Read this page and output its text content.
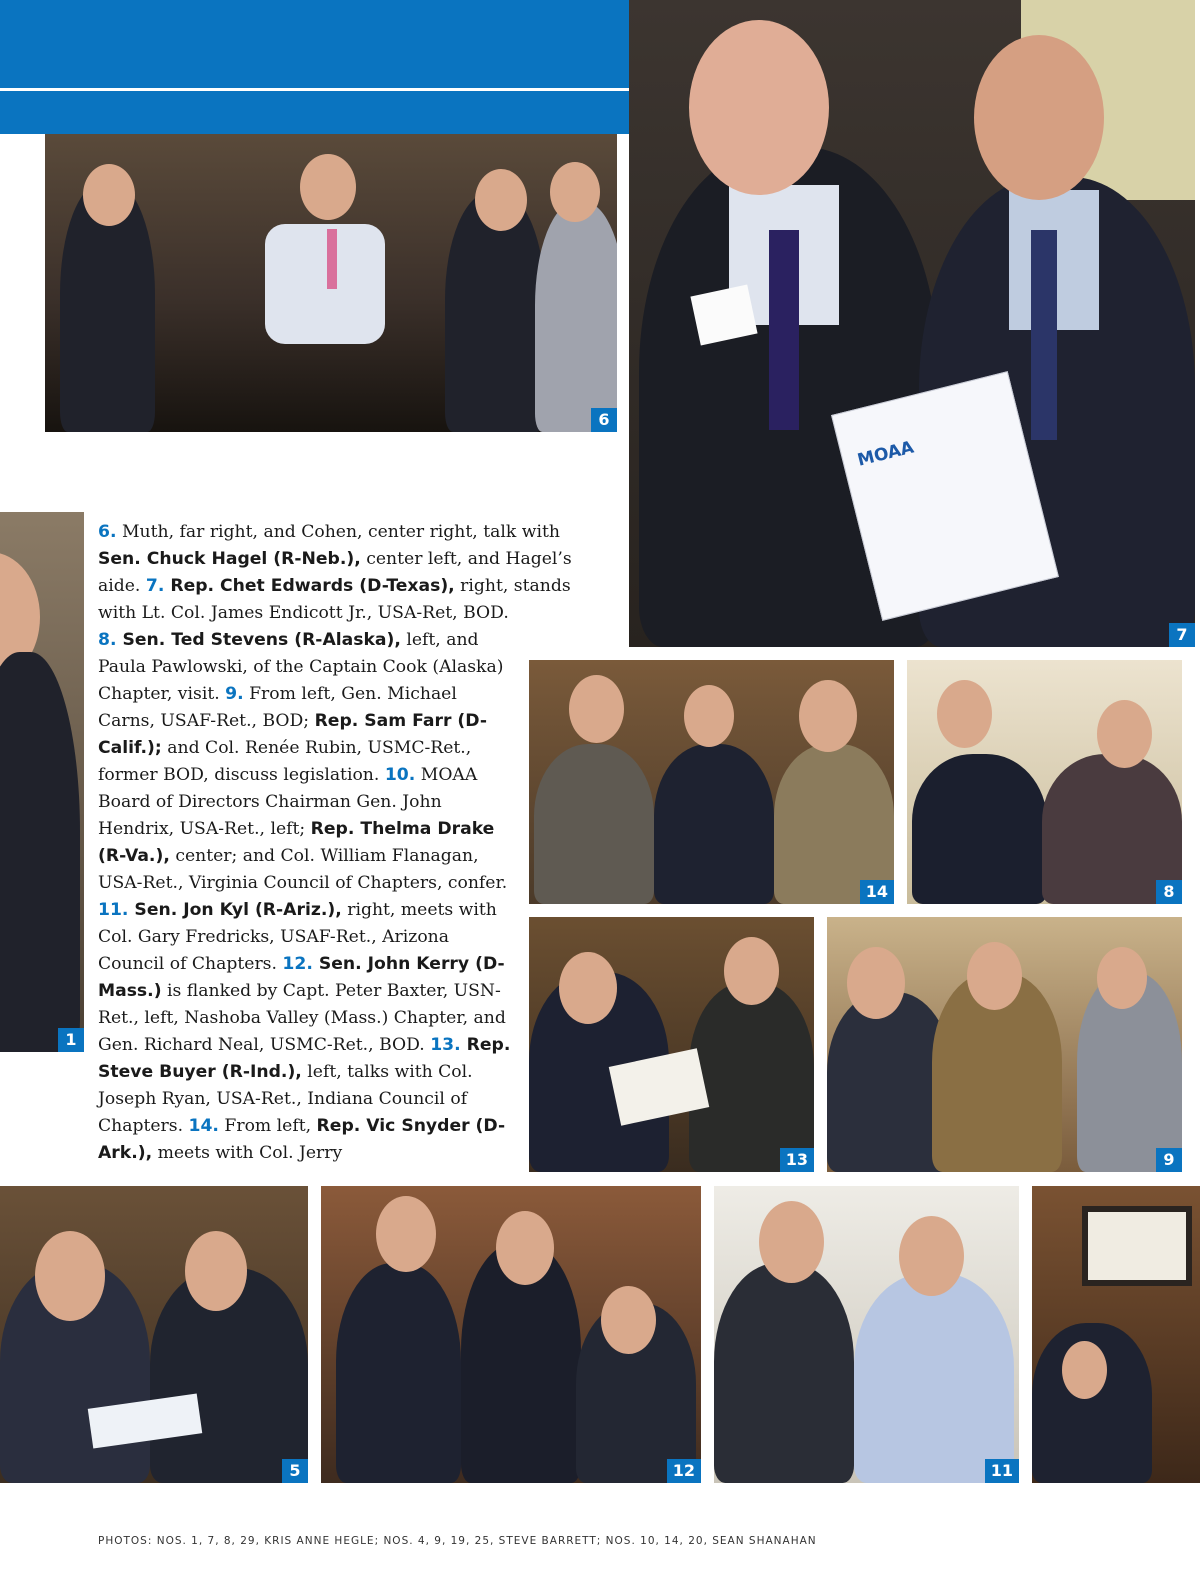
6
MOAA
7
1
6. Muth, far right, and Cohen, center right, talk with Sen. Chuck Hagel (R-Neb.), center left, and Hagel’s aide. 7. Rep. Chet Edwards (D-Texas), right, stands with Lt. Col. James Endicott Jr., USA-Ret, BOD.
8. Sen. Ted Stevens (R-Alaska), left, and Paula Pawlowski, of the Captain Cook (Alaska) Chapter, visit. 9. From left, Gen. Michael Carns, USAF-Ret., BOD; Rep. Sam Farr (D-Calif.); and Col. Renée Rubin, USMC-Ret., former BOD, discuss legislation. 10. MOAA Board of Directors Chairman Gen. John Hendrix, USA-Ret., left; Rep. Thelma Drake (R-Va.), center; and Col. William Flanagan, USA-Ret., Virginia Council of Chapters, confer. 11. Sen. Jon Kyl (R-Ariz.), right, meets with Col. Gary Fredricks, USAF-Ret., Arizona Council of Chapters. 12. Sen. John Kerry (D-Mass.) is flanked by Capt. Peter Baxter, USN-Ret., left, Nashoba Valley (Mass.) Chapter, and Gen. Richard Neal, USMC-Ret., BOD. 13. Rep. Steve Buyer (R-Ind.), left, talks with Col. Joseph Ryan, USA-Ret., Indiana Council of Chapters. 14. From left, Rep. Vic Snyder (D-Ark.), meets with Col. Jerry
14	8
13	9
5	12	11
PHOTOS: NOS. 1, 7, 8, 29, KRIS ANNE HEGLE; NOS. 4, 9, 19, 25, STEVE BARRETT; NOS. 10, 14, 20, SEAN SHANAHAN
